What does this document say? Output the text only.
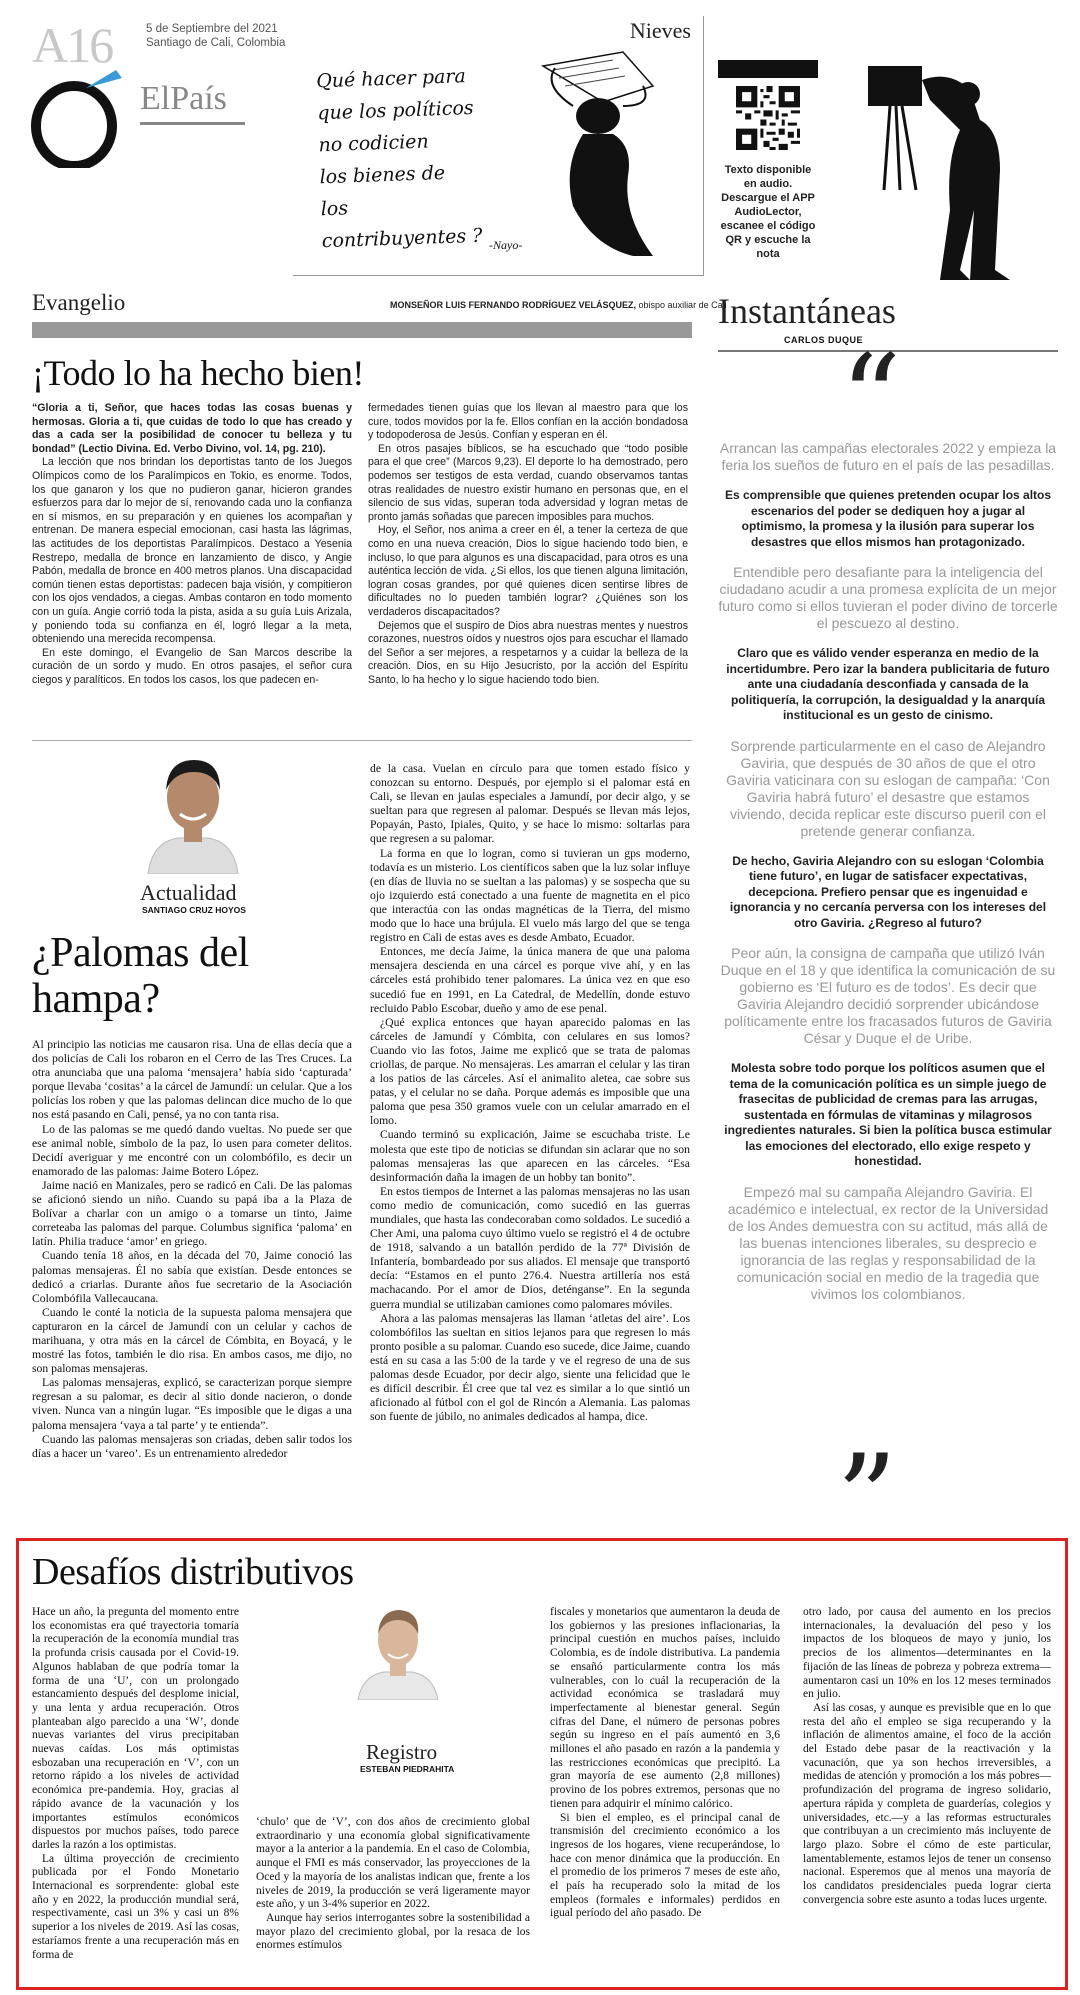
A16	5 de Septiembre del 2021 Santiago de Cali, Colombia
ElPaís
Nieves
Qué hacer para
que los políticos
no codicien
los bienes de
los
contribuyentes ? -Nayo-
Texto disponible en audio. Descargue el APP AudioLector, escanee el código QR y escuche la nota
Instantáneas
CARLOS DUQUE
Evangelio	MONSEÑOR LUIS FERNANDO RODRÍGUEZ VELÁSQUEZ, obispo auxiliar de Cali
¡Todo lo ha hecho bien!

“Gloria a ti, Señor, que haces todas las cosas buenas y hermosas. Gloria a ti, que cuidas de todo lo que has creado y das a cada ser la posibilidad de conocer tu belleza y tu bondad” (Lectio Divina. Ed. Verbo Divino, vol. 14, pg. 210).

La lección que nos brindan los deportistas tanto de los Juegos Olímpicos como de los Paralímpicos en Tokio, es enorme. Todos, los que ganaron y los que no pudieron ganar, hicieron grandes esfuerzos para dar lo mejor de sí, renovando cada uno la confianza en sí mismos, en su preparación y en quienes los acompañan y entrenan. De manera especial emocionan, casi hasta las lágrimas, las actitudes de los deportistas Paralímpicos. Destaco a Yesenia Restrepo, medalla de bronce en lanzamiento de disco, y Angie Pabón, medalla de bronce en 400 metros planos. Una discapacidad común tienen estas deportistas: padecen baja visión, y compitieron con los ojos vendados, a ciegas. Ambas contaron en todo momento con un guía. Angie corrió toda la pista, asida a su guía Luis Arizala, y poniendo toda su confianza en él, logró llegar a la meta, obteniendo una merecida recompensa.

En este domingo, el Evangelio de San Marcos describe la curación de un sordo y mudo. En otros pasajes, el señor cura ciegos y paralíticos. En todos los casos, los que padecen en-

fermedades tienen guías que los llevan al maestro para que los cure, todos movidos por la fe. Ellos confían en la acción bondadosa y todopoderosa de Jesús. Confían y esperan en él.

En otros pasajes bíblicos, se ha escuchado que “todo posible para el que cree” (Marcos 9,23). El deporte lo ha demostrado, pero podemos ser testigos de esta verdad, cuando observamos tantas otras realidades de nuestro existir humano en personas que, en el silencio de sus vidas, superan toda adversidad y logran metas de pronto jamás soñadas que parecen imposibles para muchos.

Hoy, el Señor, nos anima a creer en él, a tener la certeza de que como en una nueva creación, Dios lo sigue haciendo todo bien, e incluso, lo que para algunos es una discapacidad, para otros es una auténtica lección de vida. ¿Si ellos, los que tienen alguna limitación, logran cosas grandes, por qué quienes dicen sentirse libres de dificultades no lo pueden también lograr? ¿Quiénes son los verdaderos discapacitados?

Dejemos que el suspiro de Dios abra nuestras mentes y nuestros corazones, nuestros oídos y nuestros ojos para escuchar el llamado del Señor a ser mejores, a respetarnos y a cuidar la belleza de la creación. Dios, en su Hijo Jesucristo, por la acción del Espíritu Santo, lo ha hecho y lo sigue haciendo todo bien.

Actualidad
SANTIAGO CRUZ HOYOS
¿Palomas del hampa?

Al principio las noticias me causaron risa. Una de ellas decía que a dos policías de Cali los robaron en el Cerro de las Tres Cruces. La otra anunciaba que una paloma ‘mensajera’ había sido ‘capturada’ porque llevaba ‘cositas’ a la cárcel de Jamundí: un celular. Que a los policías los roben y que las palomas delincan dice mucho de lo que nos está pasando en Cali, pensé, ya no con tanta risa.

Lo de las palomas se me quedó dando vueltas. No puede ser que ese animal noble, símbolo de la paz, lo usen para cometer delitos. Decidí averiguar y me encontré con un colombófilo, es decir un enamorado de las palomas: Jaime Botero López.

Jaime nació en Manizales, pero se radicó en Cali. De las palomas se aficionó siendo un niño. Cuando su papá iba a la Plaza de Bolívar a charlar con un amigo o a tomarse un tinto, Jaime correteaba las palomas del parque. Columbus significa ‘paloma’ en latín. Philia traduce ‘amor’ en griego.

Cuando tenía 18 años, en la década del 70, Jaime conoció las palomas mensajeras. Él no sabía que existían. Desde entonces se dedicó a criarlas. Durante años fue secretario de la Asociación Colombófila Vallecaucana.

Cuando le conté la noticia de la supuesta paloma mensajera que capturaron en la cárcel de Jamundí con un celular y cachos de marihuana, y otra más en la cárcel de Cómbita, en Boyacá, y le mostré las fotos, también le dio risa. En ambos casos, me dijo, no son palomas mensajeras.

Las palomas mensajeras, explicó, se caracterizan porque siempre regresan a su palomar, es decir al sitio donde nacieron, o donde viven. Nunca van a ningún lugar. “Es imposible que le digas a una paloma mensajera ‘vaya a tal parte’ y te entienda”.

Cuando las palomas mensajeras son criadas, deben salir todos los días a hacer un ‘vareo’. Es un entrenamiento alrededor

de la casa. Vuelan en círculo para que tomen estado físico y conozcan su entorno. Después, por ejemplo si el palomar está en Cali, se llevan en jaulas especiales a Jamundí, por decir algo, y se sueltan para que regresen al palomar. Después se llevan más lejos, Popayán, Pasto, Ipiales, Quito, y se hace lo mismo: soltarlas para que regresen a su palomar.

La forma en que lo logran, como si tuvieran un gps moderno, todavía es un misterio. Los científicos saben que la luz solar influye (en días de lluvia no se sueltan a las palomas) y se sospecha que su ojo izquierdo está conectado a una fuente de magnetita en el pico que interactúa con las ondas magnéticas de la Tierra, del mismo modo que lo hace una brújula. El vuelo más largo del que se tenga registro en Cali de estas aves es desde Ambato, Ecuador.

Entonces, me decía Jaime, la única manera de que una paloma mensajera descienda en una cárcel es porque vive ahí, y en las cárceles está prohibido tener palomares. La única vez en que eso sucedió fue en 1991, en La Catedral, de Medellín, donde estuvo recluido Pablo Escobar, dueño y amo de ese penal.

¿Qué explica entonces que hayan aparecido palomas en las cárceles de Jamundí y Cómbita, con celulares en sus lomos? Cuando vio las fotos, Jaime me explicó que se trata de palomas criollas, de parque. No mensajeras. Les amarran el celular y las tiran a los patios de las cárceles. Así el animalito aletea, cae sobre sus patas, y el celular no se daña. Porque además es imposible que una paloma que pesa 350 gramos vuele con un celular amarrado en el lomo.

Cuando terminó su explicación, Jaime se escuchaba triste. Le molesta que este tipo de noticias se difundan sin aclarar que no son palomas mensajeras las que aparecen en las cárceles. “Esa desinformación daña la imagen de un hobby tan bonito”.

En estos tiempos de Internet a las palomas mensajeras no las usan como medio de comunicación, como sucedió en las guerras mundiales, que hasta las condecoraban como soldados. Le sucedió a Cher Ami, una paloma cuyo último vuelo se registró el 4 de octubre de 1918, salvando a un batallón perdido de la 77ª División de Infantería, bombardeado por sus aliados. El mensaje que transportó decía: “Estamos en el punto 276.4. Nuestra artillería nos está machacando. Por el amor de Dios, deténganse”. En la segunda guerra mundial se utilizaban camiones como palomares móviles.

Ahora a las palomas mensajeras las llaman ‘atletas del aire’. Los colombófilos las sueltan en sitios lejanos para que regresen lo más pronto posible a su palomar. Cuando eso sucede, dice Jaime, cuando está en su casa a las 5:00 de la tarde y ve el regreso de una de sus palomas desde Ecuador, por decir algo, siente una felicidad que le es difícil describir. Él cree que tal vez es similar a lo que sintió un aficionado al fútbol con el gol de Rincón a Alemania. Las palomas son fuente de júbilo, no animales dedicados al hampa, dice.

“

Arrancan las campañas electorales 2022 y empieza la feria los sueños de futuro en el país de las pesadillas.

Es comprensible que quienes pretenden ocupar los altos escenarios del poder se dediquen hoy a jugar al optimismo, la promesa y la ilusión para superar los desastres que ellos mismos han protagonizado.

Entendible pero desafiante para la inteligencia del ciudadano acudir a una promesa explícita de un mejor futuro como si ellos tuvieran el poder divino de torcerle el pescuezo al destino.

Claro que es válido vender esperanza en medio de la incertidumbre. Pero izar la bandera publicitaria de futuro ante una ciudadanía desconfiada y cansada de la politiquería, la corrupción, la desigualdad y la anarquía institucional es un gesto de cinismo.

Sorprende particularmente en el caso de Alejandro Gaviria, que después de 30 años de que el otro Gaviria vaticinara con su eslogan de campaña: ‘Con Gaviria habrá futuro’ el desastre que estamos viviendo, decida replicar este discurso pueril con el pretende generar confianza.

De hecho, Gaviria Alejandro con su eslogan ‘Colombia tiene futuro’, en lugar de satisfacer expectativas, decepciona. Prefiero pensar que es ingenuidad e ignorancia y no cercanía perversa con los intereses del otro Gaviria. ¿Regreso al futuro?

Peor aún, la consigna de campaña que utilizó Iván Duque en el 18 y que identifica la comunicación de su gobierno es ‘El futuro es de todos’. Es decir que Gaviria Alejandro decidió sorprender ubicándose políticamente entre los fracasados futuros de Gaviria César y Duque el de Uribe.

Molesta sobre todo porque los políticos asumen que el tema de la comunicación política es un simple juego de frasecitas de publicidad de cremas para las arrugas, sustentada en fórmulas de vitaminas y milagrosos ingredientes naturales. Si bien la política busca estimular las emociones del electorado, ello exige respeto y honestidad.

Empezó mal su campaña Alejandro Gaviria. El académico e intelectual, ex rector de la Universidad de los Andes demuestra con su actitud, más allá de las buenas intenciones liberales, su desprecio e ignorancia de las reglas y responsabilidad de la comunicación social en medio de la tragedia que vivimos los colombianos.

”
Desafíos distributivos
Registro
ESTEBAN PIEDRAHITA

Hace un año, la pregunta del momento entre los economistas era qué trayectoria tomaría la recuperación de la economía mundial tras la profunda crisis causada por el Covid-19. Algunos hablaban de que podría tomar la forma de una ‘U’, con un prolongado estancamiento después del desplome inicial, y una lenta y ardua recuperación. Otros planteaban algo parecido a una ‘W’, donde nuevas variantes del virus precipitaban nuevas caídas. Los más optimistas esbozaban una recuperación en ‘V’, con un retorno rápido a los niveles de actividad económica pre-pandemia. Hoy, gracias al rápido avance de la vacunación y los importantes estímulos económicos dispuestos por muchos países, todo parece darles la razón a los optimistas.

La última proyección de crecimiento publicada por el Fondo Monetario Internacional es sorprendente: global este año y en 2022, la producción mundial será, respectivamente, casi un 3% y casi un 8% superior a los niveles de 2019. Así las cosas, estaríamos frente a una recuperación más en forma de

‘chulo’ que de ‘V’, con dos años de crecimiento global extraordinario y una economía global significativamente mayor a la anterior a la pandemia. En el caso de Colombia, aunque el FMI es más conservador, las proyecciones de la Oced y la mayoría de los analistas indican que, frente a los niveles de 2019, la producción se verá ligeramente mayor este año, y un 3-4% superior en 2022.

Aunque hay serios interrogantes sobre la sostenibilidad a mayor plazo del crecimiento global, por la resaca de los enormes estímulos

fiscales y monetarios que aumentaron la deuda de los gobiernos y las presiones inflacionarias, la principal cuestión en muchos países, incluido Colombia, es de índole distributiva. La pandemia se ensañó particularmente contra los más vulnerables, con lo cuál la recuperación de la actividad económica se trasladará muy imperfectamente al bienestar general. Según cifras del Dane, el número de personas pobres según su ingreso en el país aumentó en 3,6 millones el año pasado en razón a la pandemia y las restricciones económicas que precipitó. La gran mayoría de ese aumento (2,8 millones) provino de los pobres extremos, personas que no tienen para adquirir el mínimo calórico.

Si bien el empleo, es el principal canal de transmisión del crecimiento económico a los ingresos de los hogares, viene recuperándose, lo hace con menor dinámica que la producción. En el promedio de los primeros 7 meses de este año, el país ha recuperado solo la mitad de los empleos (formales e informales) perdidos en igual período del año pasado. De

otro lado, por causa del aumento en los precios internacionales, la devaluación del peso y los impactos de los bloqueos de mayo y junio, los precios de los alimentos—determinantes en la fijación de las líneas de pobreza y pobreza extrema—aumentaron casi un 10% en los 12 meses terminados en julio.

Así las cosas, y aunque es previsible que en lo que resta del año el empleo se siga recuperando y la inflación de alimentos amaine, el foco de la acción del Estado debe pasar de la reactivación y la vacunación, que ya son hechos irreversibles, a medidas de atención y promoción a los más pobres—profundización del programa de ingreso solidario, apertura rápida y completa de guarderías, colegios y universidades, etc.—y a las reformas estructurales que contribuyan a un crecimiento más incluyente de largo plazo. Sobre el cómo de este particular, lamentablemente, estamos lejos de tener un consenso nacional. Esperemos que al menos una mayoría de los candidatos presidenciales pueda lograr cierta convergencia sobre este asunto a todas luces urgente.
